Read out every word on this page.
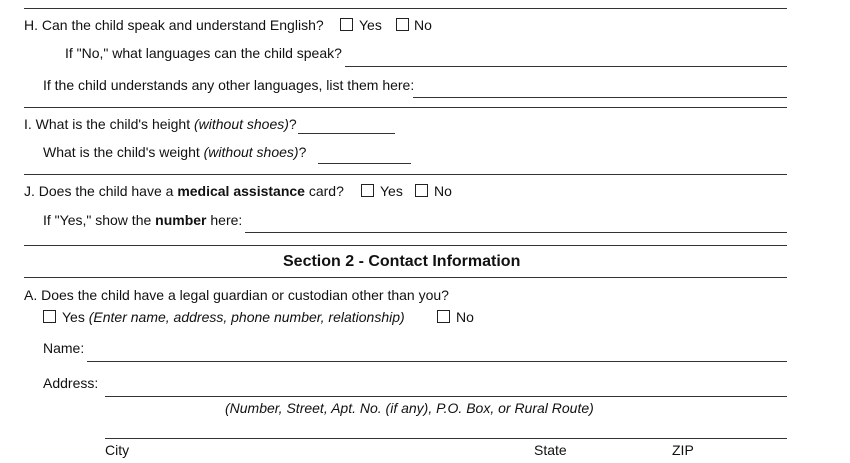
H. Can the child speak and understand English?	Yes No
If "No," what languages can the child speak?
If the child understands any other languages, list them here:
I. What is the child's height (without shoes)?
What is the child's weight (without shoes)?
J. Does the child have a medical assistance card?	Yes No
If "Yes," show the number here:
Section 2 - Contact Information
A. Does the child have a legal guardian or custodian other than you?
Yes (Enter name, address, phone number, relationship)	No
Name:
Address:
(Number, Street, Apt. No. (if any), P.O. Box, or Rural Route)
City	State	ZIP
